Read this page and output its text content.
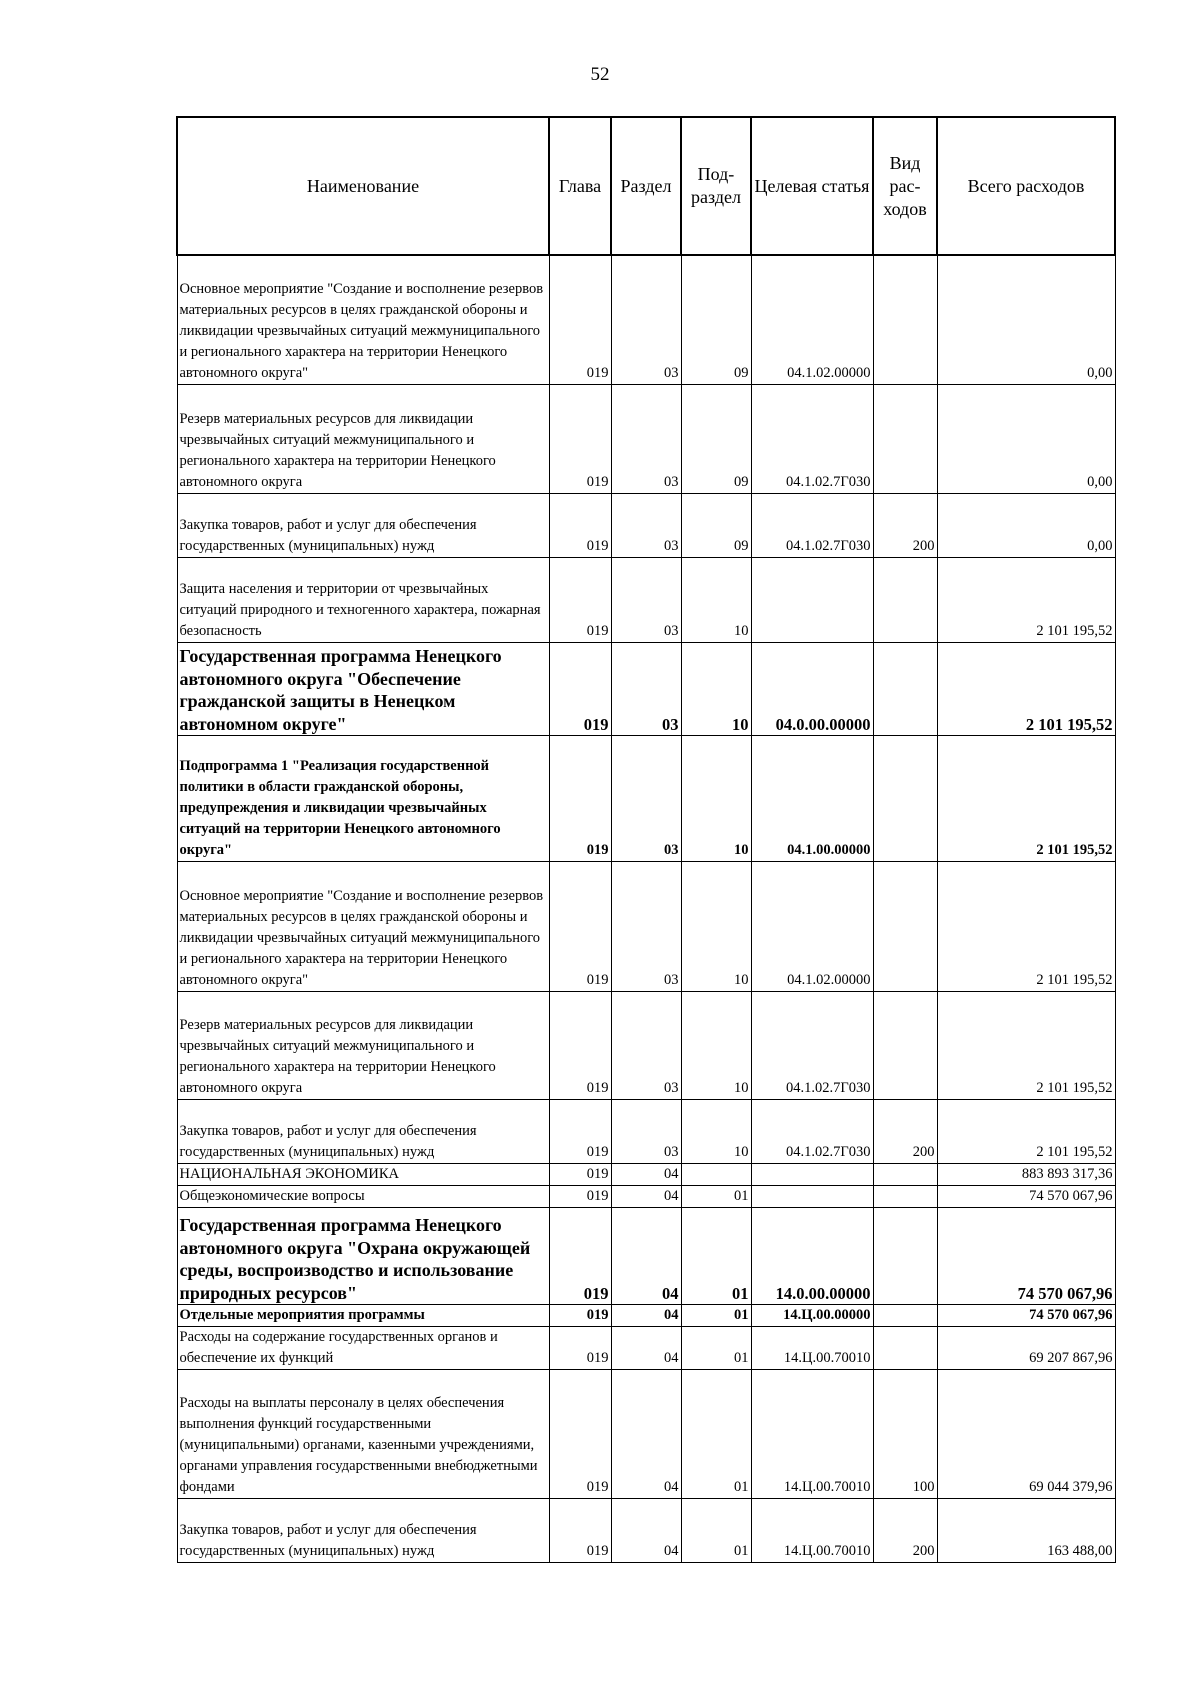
52
Наименование	Глава	Раздел	Под-раздел	Целевая статья	Вид рас-ходов	Всего расходов
Основное мероприятие "Создание и восполнение резервов материальных ресурсов в целях гражданской обороны и ликвидации чрезвычайных ситуаций межмуниципального и регионального характера на территории Ненецкого автономного округа"	019	03	09	04.1.02.00000		0,00
Резерв материальных ресурсов для ликвидации чрезвычайных ситуаций межмуниципального и регионального характера на территории Ненецкого автономного округа	019	03	09	04.1.02.7Г030		0,00
Закупка товаров, работ и услуг для обеспечения государственных (муниципальных) нужд	019	03	09	04.1.02.7Г030	200	0,00
Защита населения и территории от чрезвычайных ситуаций природного и техногенного характера, пожарная безопасность	019	03	10			2 101 195,52
Государственная программа Ненецкого автономного округа "Обеспечение гражданской защиты в Ненецком автономном округе"	019	03	10	04.0.00.00000		2 101 195,52
Подпрограмма 1 "Реализация государственной политики в области гражданской обороны, предупреждения и ликвидации чрезвычайных ситуаций на территории Ненецкого автономного округа"	019	03	10	04.1.00.00000		2 101 195,52
Основное мероприятие "Создание и восполнение резервов материальных ресурсов в целях гражданской обороны и ликвидации чрезвычайных ситуаций межмуниципального и регионального характера на территории Ненецкого автономного округа"	019	03	10	04.1.02.00000		2 101 195,52
Резерв материальных ресурсов для ликвидации чрезвычайных ситуаций межмуниципального и регионального характера на территории Ненецкого автономного округа	019	03	10	04.1.02.7Г030		2 101 195,52
Закупка товаров, работ и услуг для обеспечения государственных (муниципальных) нужд	019	03	10	04.1.02.7Г030	200	2 101 195,52
НАЦИОНАЛЬНАЯ ЭКОНОМИКА	019	04				883 893 317,36
Общеэкономические вопросы	019	04	01			74 570 067,96
Государственная программа Ненецкого автономного округа "Охрана окружающей среды, воспроизводство и использование природных ресурсов"	019	04	01	14.0.00.00000		74 570 067,96
Отдельные мероприятия программы	019	04	01	14.Ц.00.00000		74 570 067,96
Расходы на содержание государственных органов и обеспечение их функций	019	04	01	14.Ц.00.70010		69 207 867,96
Расходы на выплаты персоналу в целях обеспечения выполнения функций государственными (муниципальными) органами, казенными учреждениями, органами управления государственными внебюджетными фондами	019	04	01	14.Ц.00.70010	100	69 044 379,96
Закупка товаров, работ и услуг для обеспечения государственных (муниципальных) нужд	019	04	01	14.Ц.00.70010	200	163 488,00
